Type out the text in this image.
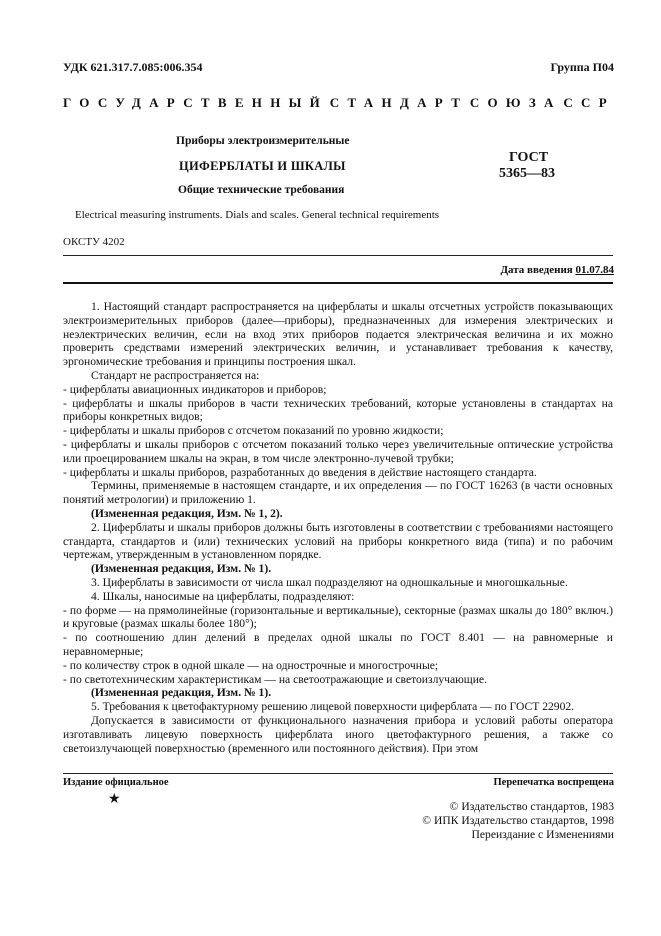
УДК 621.317.7.085:006.354	Группа П04
ГОСУДАРСТВЕННЫЙ СТАНДАРТ СОЮЗА ССР
Приборы электроизмерительные
ЦИФЕРБЛАТЫ И ШКАЛЫ
Общие технические требования
ГОСТ
5365—83
Electrical measuring instruments. Dials and scales. General technical requirements
ОКСТУ 4202
Дата введения 01.07.84

1. Настоящий стандарт распространяется на циферблаты и шкалы отсчетных устройств показывающих электроизмерительных приборов (далее—приборы), предназначенных для измерения электрических и неэлектрических величин, если на вход этих приборов подается электрическая величина и их можно проверить средствами измерений электрических величин, и устанавливает требования к качеству, эргономические требования и принципы построения шкал.

Стандарт не распространяется на:

- циферблаты авиационных индикаторов и приборов;

- циферблаты и шкалы приборов в части технических требований, которые установлены в стандартах на приборы конкретных видов;

- циферблаты и шкалы приборов с отсчетом показаний по уровню жидкости;

- циферблаты и шкалы приборов с отсчетом показаний только через увеличительные оптические устройства или проецированием шкалы на экран, в том числе электронно-лучевой трубки;

- циферблаты и шкалы приборов, разработанных до введения в действие настоящего стандарта.

Термины, применяемые в настоящем стандарте, и их определения — по ГОСТ 16263 (в части основных понятий метрологии) и приложению 1.

(Измененная редакция, Изм. № 1, 2).

2. Циферблаты и шкалы приборов должны быть изготовлены в соответствии с требованиями настоящего стандарта, стандартов и (или) технических условий на приборы конкретного вида (типа) и по рабочим чертежам, утвержденным в установленном порядке.

(Измененная редакция, Изм. № 1).

3. Циферблаты в зависимости от числа шкал подразделяют на одношкальные и многошкальные.

4. Шкалы, наносимые на циферблаты, подразделяют:

- по форме — на прямолинейные (горизонтальные и вертикальные), секторные (размах шкалы до 180° включ.) и круговые (размах шкалы более 180°);

- по соотношению длин делений в пределах одной шкалы по ГОСТ 8.401 — на равномерные и неравномерные;

- по количеству строк в одной шкале — на однострочные и многострочные;

- по светотехническим характеристикам — на светоотражающие и светоизлучающие.

(Измененная редакция, Изм. № 1).

5. Требования к цветофактурному решению лицевой поверхности циферблата — по ГОСТ 22902.

Допускается в зависимости от функционального назначения прибора и условий работы оператора изготавливать лицевую поверхность циферблата иного цветофактурного решения, а также со светоизлучающей поверхностью (временного или постоянного действия). При этом

Издание официальное	Перепечатка воспрещена
★	© Издательство стандартов, 1983
© ИПК Издательство стандартов, 1998
Переиздание с Изменениями
